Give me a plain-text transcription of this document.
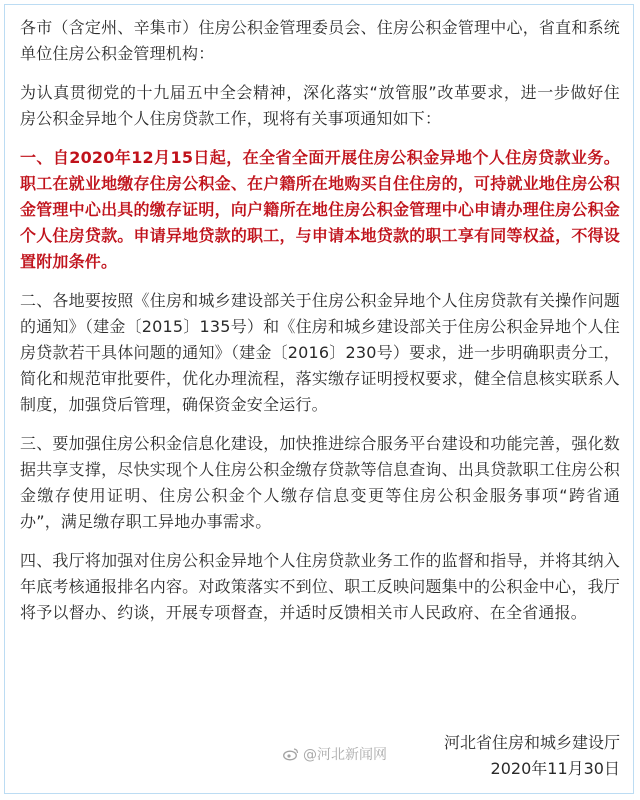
各市（含定州、辛集市）住房公积金管理委员会、住房公积金管理中心，省直和系统单位住房公积金管理机构：

为认真贯彻党的十九届五中全会精神，深化落实“放管服”改革要求，进一步做好住房公积金异地个人住房贷款工作，现将有关事项通知如下：

一、自2020年12月15日起，在全省全面开展住房公积金异地个人住房贷款业务。职工在就业地缴存住房公积金、在户籍所在地购买自住住房的，可持就业地住房公积金管理中心出具的缴存证明，向户籍所在地住房公积金管理中心申请办理住房公积金个人住房贷款。申请异地贷款的职工，与申请本地贷款的职工享有同等权益，不得设置附加条件。

二、各地要按照《住房和城乡建设部关于住房公积金异地个人住房贷款有关操作问题的通知》（建金〔2015〕135号）和《住房和城乡建设部关于住房公积金异地个人住房贷款若干具体问题的通知》（建金〔2016〕230号）要求，进一步明确职责分工，简化和规范审批要件，优化办理流程，落实缴存证明授权要求，健全信息核实联系人制度，加强贷后管理，确保资金安全运行。

三、要加强住房公积金信息化建设，加快推进综合服务平台建设和功能完善，强化数据共享支撑，尽快实现个人住房公积金缴存贷款等信息查询、出具贷款职工住房公积金缴存使用证明、住房公积金个人缴存信息变更等住房公积金服务事项“跨省通办”，满足缴存职工异地办事需求。

四、我厅将加强对住房公积金异地个人住房贷款业务工作的监督和指导，并将其纳入年底考核通报排名内容。对政策落实不到位、职工反映问题集中的公积金中心，我厅将予以督办、约谈，开展专项督查，并适时反馈相关市人民政府、在全省通报。

河北省住房和城乡建设厅
2020年11月30日
@河北新闻网
